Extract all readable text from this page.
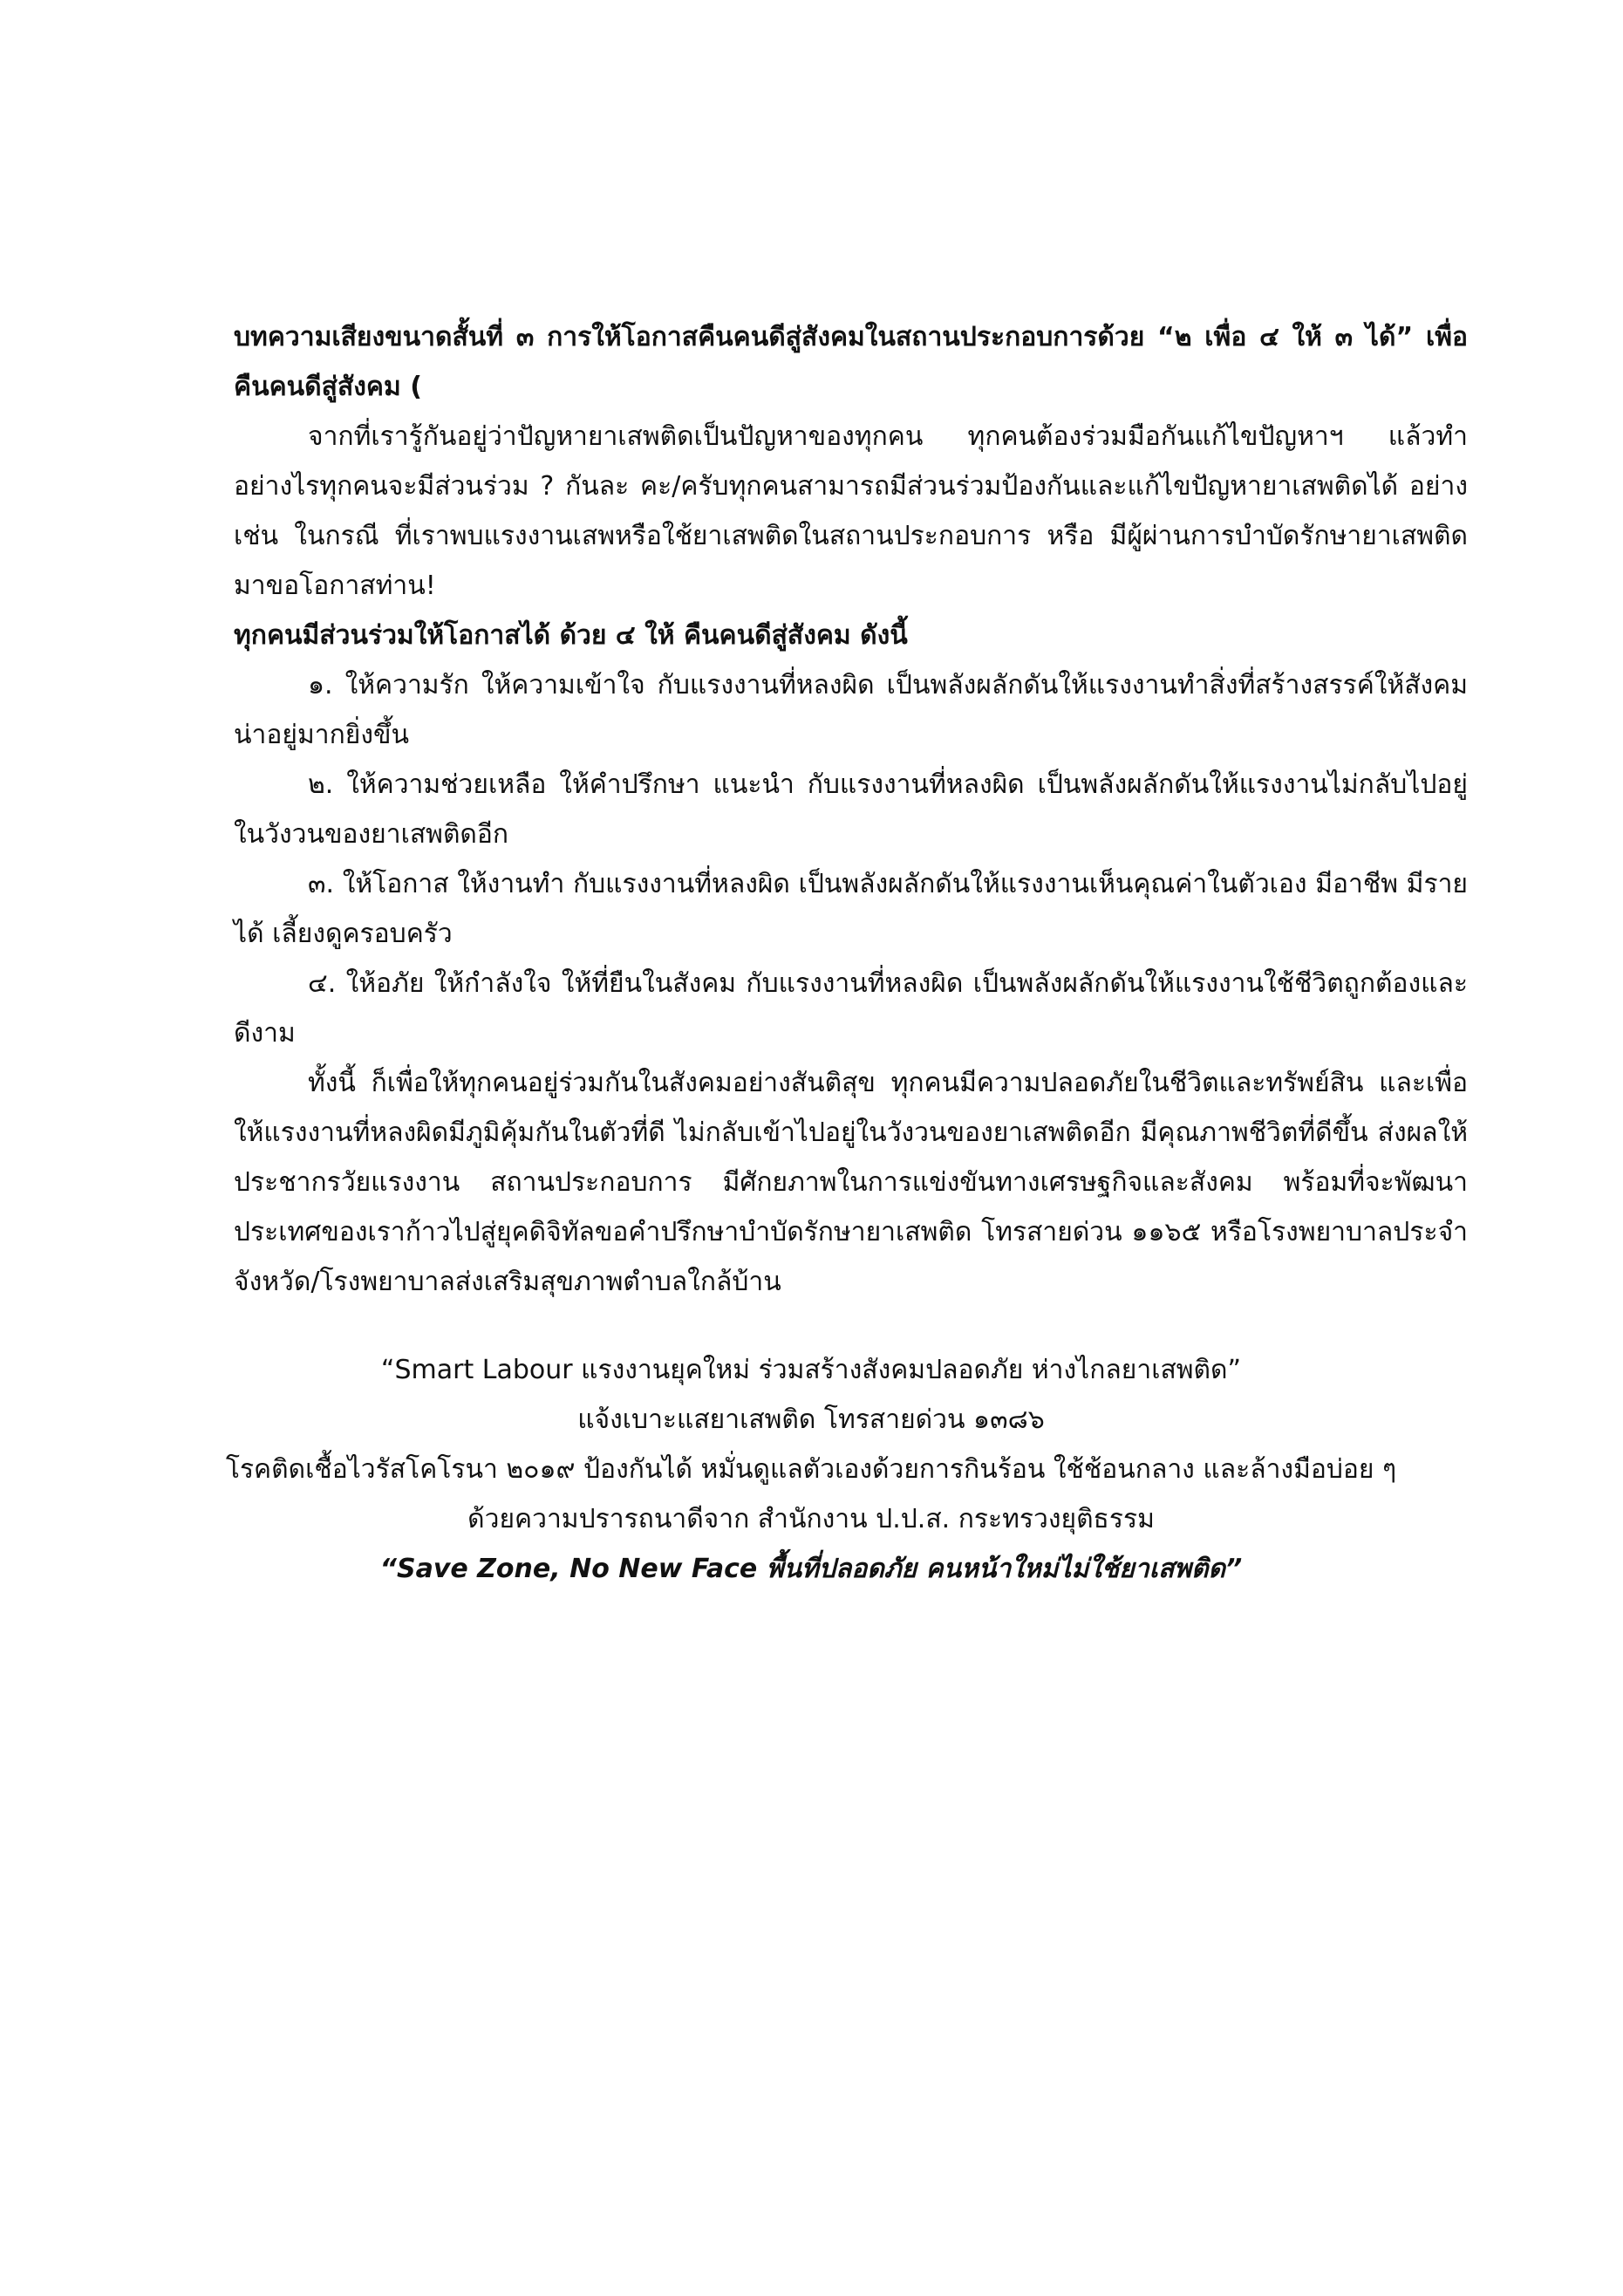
บทความเสียงขนาดสั้นที่ ๓ การให้โอกาสคืนคนดีสู่สังคมในสถานประกอบการด้วย “๒ เพื่อ ๔ ให้ ๓ ได้” เพื่อคืนคนดีสู่สังคม (

จากที่เรารู้กันอยู่ว่าปัญหายาเสพติดเป็นปัญหาของทุกคน ทุกคนต้องร่วมมือกันแก้ไขปัญหาฯ แล้วทำอย่างไรทุกคนจะมีส่วนร่วม ? กันละ คะ/ครับทุกคนสามารถมีส่วนร่วมป้องกันและแก้ไขปัญหายาเสพติดได้ อย่างเช่น ในกรณี ที่เราพบแรงงานเสพหรือใช้ยาเสพติดในสถานประกอบการ หรือ มีผู้ผ่านการบำบัดรักษายาเสพติดมาขอโอกาสท่าน!

ทุกคนมีส่วนร่วมให้โอกาสได้ ด้วย ๔ ให้ คืนคนดีสู่สังคม ดังนี้

๑. ให้ความรัก ให้ความเข้าใจ กับแรงงานที่หลงผิด เป็นพลังผลักดันให้แรงงานทำสิ่งที่สร้างสรรค์ให้สังคมน่าอยู่มากยิ่งขึ้น

๒. ให้ความช่วยเหลือ ให้คำปรึกษา แนะนำ กับแรงงานที่หลงผิด เป็นพลังผลักดันให้แรงงานไม่กลับไปอยู่ในวังวนของยาเสพติดอีก

๓. ให้โอกาส ให้งานทำ กับแรงงานที่หลงผิด เป็นพลังผลักดันให้แรงงานเห็นคุณค่าในตัวเอง มีอาชีพ มีรายได้ เลี้ยงดูครอบครัว

๔. ให้อภัย ให้กำลังใจ ให้ที่ยืนในสังคม กับแรงงานที่หลงผิด เป็นพลังผลักดันให้แรงงานใช้ชีวิตถูกต้องและดีงาม

ทั้งนี้ ก็เพื่อให้ทุกคนอยู่ร่วมกันในสังคมอย่างสันติสุข ทุกคนมีความปลอดภัยในชีวิตและทรัพย์สิน และเพื่อให้แรงงานที่หลงผิดมีภูมิคุ้มกันในตัวที่ดี ไม่กลับเข้าไปอยู่ในวังวนของยาเสพติดอีก มีคุณภาพชีวิตที่ดีขึ้น ส่งผลให้ประชากรวัยแรงงาน สถานประกอบการ มีศักยภาพในการแข่งขันทางเศรษฐกิจและสังคม พร้อมที่จะพัฒนาประเทศของเราก้าวไปสู่ยุคดิจิทัลขอคำปรึกษาบำบัดรักษายาเสพติด โทรสายด่วน ๑๑๖๕ หรือโรงพยาบาลประจำจังหวัด/โรงพยาบาลส่งเสริมสุขภาพตำบลใกล้บ้าน

“Smart Labour แรงงานยุคใหม่ ร่วมสร้างสังคมปลอดภัย ห่างไกลยาเสพติด”

แจ้งเบาะแสยาเสพติด โทรสายด่วน ๑๓๘๖

โรคติดเชื้อไวรัสโคโรนา ๒๐๑๙ ป้องกันได้ หมั่นดูแลตัวเองด้วยการกินร้อน ใช้ช้อนกลาง และล้างมือบ่อย ๆ

ด้วยความปรารถนาดีจาก สำนักงาน ป.ป.ส. กระทรวงยุติธรรม

“Save Zone, No New Face พื้นที่ปลอดภัย คนหน้าใหม่ไม่ใช้ยาเสพติด”
